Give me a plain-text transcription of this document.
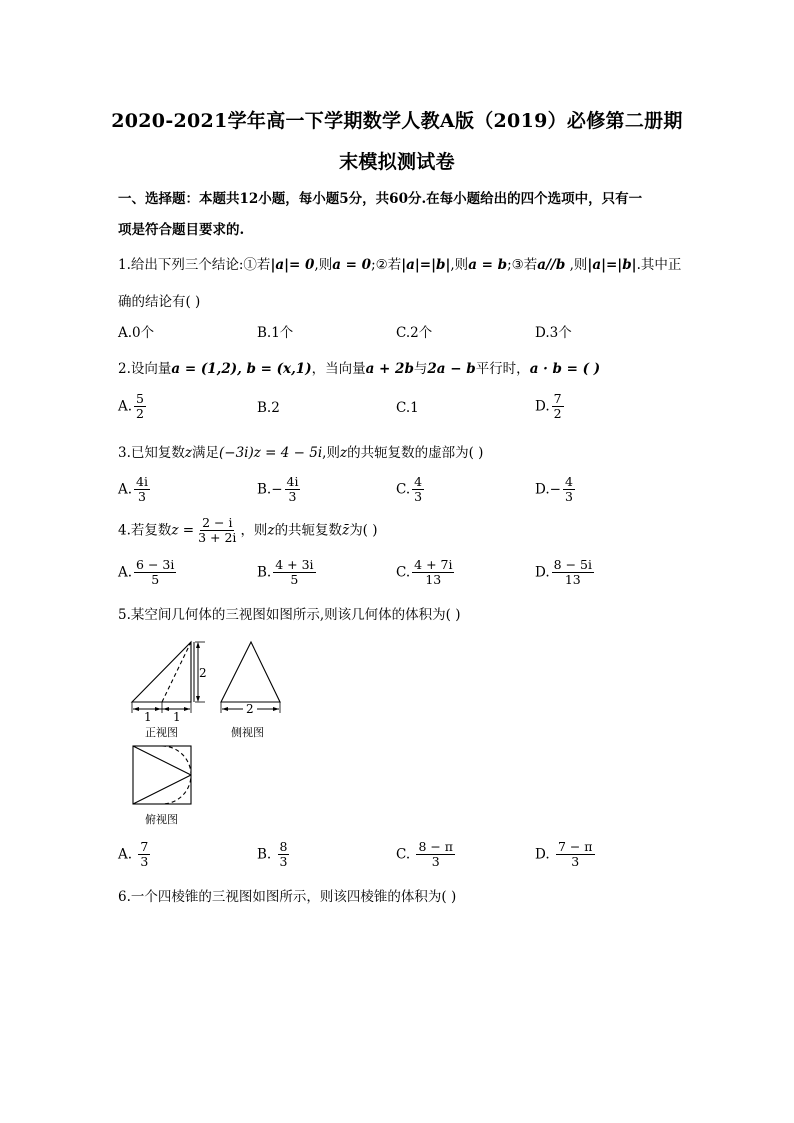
2020-2021学年高一下学期数学人教A版（2019）必修第二册期
末模拟测试卷
一、选择题：本题共12小题，每小题5分，共60分.在每小题给出的四个选项中，只有一
项是符合题目要求的.
1.给出下列三个结论:①若|a|= 0,则a = 0;②若|a|=|b|,则a = b;③若a//b ,则|a|=|b|.其中正
确的结论有( )
A.0个	B.1个	C.2个	D.3个
2.设向量a = (1,2), b = (x,1)，当向量a + 2b与2a − b平行时，a · b = ( )
A. $\frac{5}{2}$	B.2	C.1	D. $\frac{7}{2}$
3.已知复数z满足(−3i)z = 4 − 5i,则z的共轭复数的虚部为( )
A. $\frac{4i}{3}$	$B.- \frac{4i}{3}$	C. $\frac{4}{3}$	$D.- \frac{4}{3}$
4.若复数$z = \frac{2 - i}{3 + 2i}$ ，则z的共轭复数z̄为( )
A. $\frac{6 - 3i}{5}$	B. $\frac{4 + 3i}{5}$	C. $\frac{4 + 7i}{13}$	D. $\frac{8 - 5i}{13}$
5.某空间几何体的三视图如图所示,则该几何体的体积为( )
2
1 1
2
正视图	侧视图
俯视图
A. $\frac{7}{3}$	B. $\frac{8}{3}$	C. $\frac{8 - \pi}{3}$	D. $\frac{7 - \pi}{3}$
6.一个四棱锥的三视图如图所示，则该四棱锥的体积为( )
